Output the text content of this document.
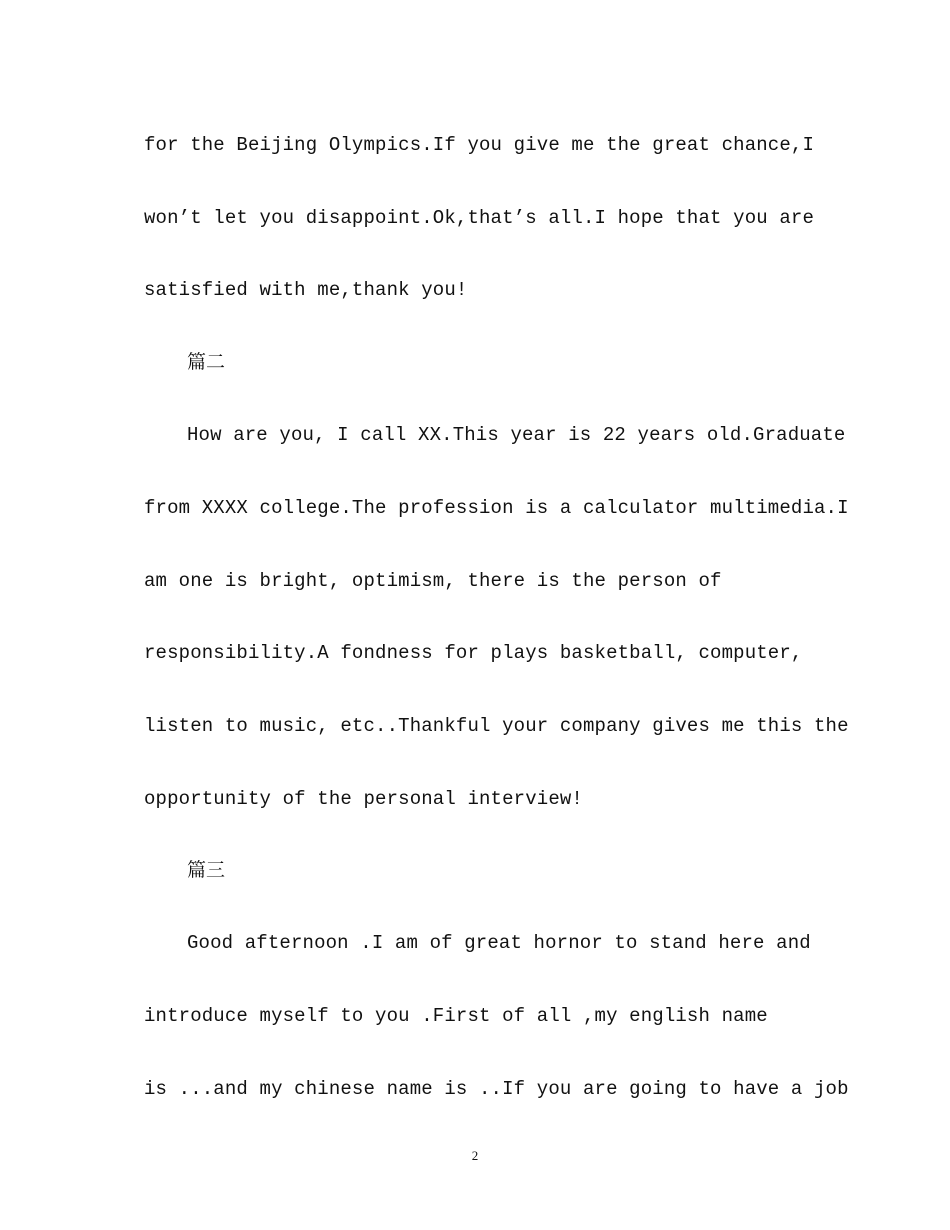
for the Beijing Olympics.If you give me the great chance,I
won’t let you disappoint.Ok,that’s all.I hope that you are
satisfied with me,thank you!
篇二
How are you, I call XX.This year is 22 years old.Graduate
from XXXX college.The profession is a calculator multimedia.I
am one is bright, optimism, there is the person of
responsibility.A fondness for plays basketball, computer,
listen to music, etc..Thankful your company gives me this the
opportunity of the personal interview!
篇三
Good afternoon .I am of great hornor to stand here and
introduce myself to you .First of all ,my english name
is ...and my chinese name is ..If you are going to have a job
2
